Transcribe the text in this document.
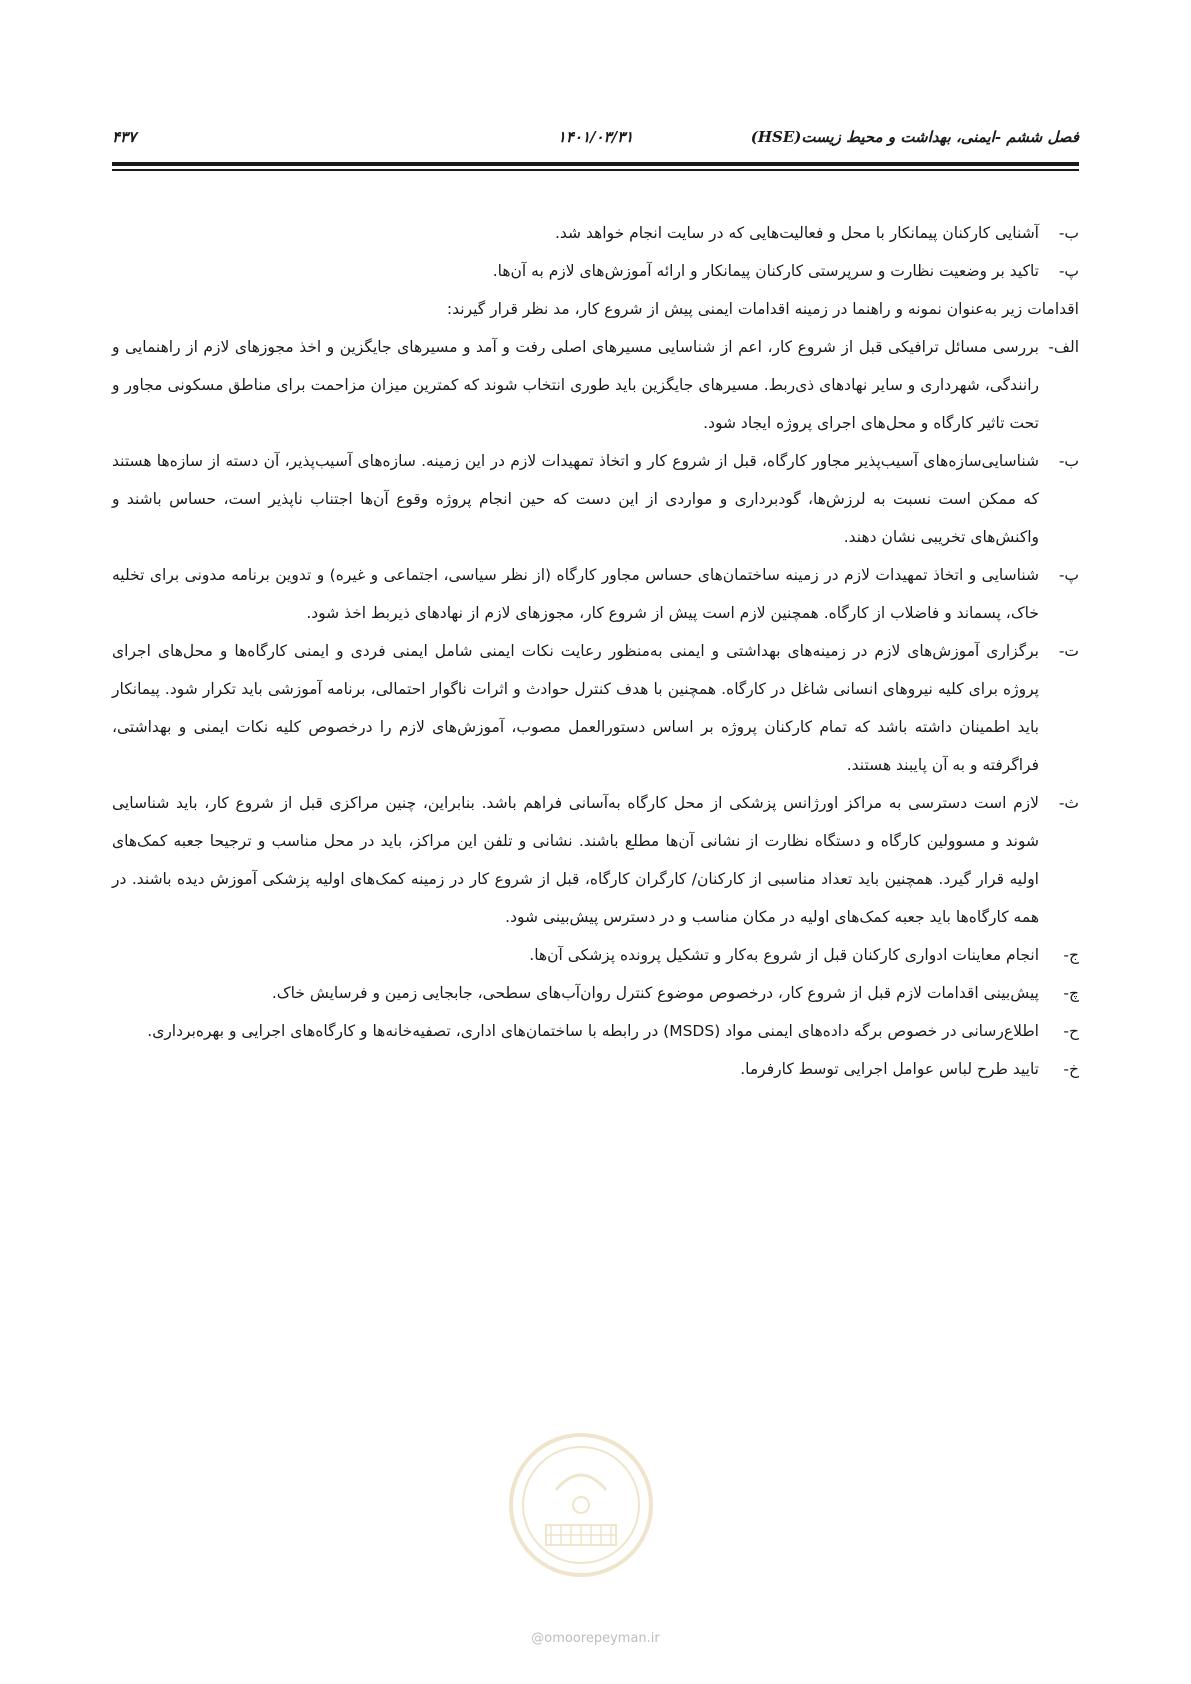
فصل ششم -ایمنی، بهداشت و محیط زیست(HSE)
۱۴۰۱/۰۳/۳۱
۴۳۷
ب-
آشنایی کارکنان پیمانکار با محل و فعالیت‌هایی که در سایت انجام خواهد شد.
پ-
تاکید بر وضعیت نظارت و سرپرستی کارکنان پیمانکار و ارائه آموزش‌های لازم به آن‌ها.

اقدامات زیر به‌عنوان نمونه و راهنما در زمینه اقدامات ایمنی پیش از شروع کار، مد نظر قرار گیرند:

الف-
بررسی مسائل ترافیکی قبل از شروع کار، اعم از شناسایی مسیرهای اصلی رفت و آمد و مسیرهای جایگزین و اخذ مجوزهای لازم از راهنمایی و رانندگی، شهرداری و سایر نهادهای ذی‌ربط. مسیرهای جایگزین باید طوری انتخاب شوند که کمترین میزان مزاحمت برای مناطق مسکونی مجاور و تحت تاثیر کارگاه و محل‌های اجرای پروژه ایجاد شود.
ب-
شناسایی‌سازه‌های آسیب‌پذیر مجاور کارگاه، قبل از شروع کار و اتخاذ تمهیدات لازم در این زمینه. سازه‌های آسیب‌پذیر، آن دسته از سازه‌ها هستند که ممکن است نسبت به لرزش‌ها، گودبرداری و مواردی از این دست که حین انجام پروژه وقوع آن‌ها اجتناب ناپذیر است، حساس باشند و واکنش‌های تخریبی نشان دهند.
پ-
شناسایی و اتخاذ تمهیدات لازم در زمینه ساختمان‌های حساس مجاور کارگاه (از نظر سیاسی، اجتماعی و غیره) و تدوین برنامه مدونی برای تخلیه خاک، پسماند و فاضلاب از کارگاه. همچنین لازم است پیش از شروع کار، مجوزهای لازم از نهادهای ذیربط اخذ شود.
ت-
برگزاری آموزش‌های لازم در زمینه‌های بهداشتی و ایمنی به‌منظور رعایت نکات ایمنی شامل ایمنی فردی و ایمنی کارگاه‌ها و محل‌های اجرای پروژه برای کلیه نیروهای انسانی شاغل در کارگاه. همچنین با هدف کنترل حوادث و اثرات ناگوار احتمالی، برنامه آموزشی باید تکرار شود. پیمانکار باید اطمینان داشته باشد که تمام کارکنان پروژه بر اساس دستورالعمل مصوب، آموزش‌های لازم را درخصوص کلیه نکات ایمنی و بهداشتی، فراگرفته و به آن پایبند هستند.
ث-
لازم است دسترسی به مراکز اورژانس پزشکی از محل کارگاه به‌آسانی فراهم باشد. بنابراین، چنین مراکزی قبل از شروع کار، باید شناسایی شوند و مسوولین کارگاه و دستگاه نظارت از نشانی آن‌ها مطلع باشند. نشانی و تلفن این مراکز، باید در محل مناسب و ترجیحا جعبه کمک‌های اولیه قرار گیرد. همچنین باید تعداد مناسبی از کارکنان/ کارگران کارگاه، قبل از شروع کار در زمینه کمک‌های اولیه پزشکی آموزش دیده باشند. در همه کارگاه‌ها باید جعبه کمک‌های اولیه در مکان مناسب و در دسترس پیش‌بینی شود.
ج-
انجام معاینات ادواری کارکنان قبل از شروع به‌کار و تشکیل پرونده پزشکی آن‌ها.
چ-
پیش‌بینی اقدامات لازم قبل از شروع کار، درخصوص موضوع کنترل روان‌آب‌های سطحی، جابجایی زمین و فرسایش خاک.
ح-
اطلاع‌رسانی در خصوص برگه داده‌های ایمنی مواد (MSDS) در رابطه با ساختمان‌های اداری، تصفیه‌خانه‌ها و کارگاه‌های اجرایی و بهره‌برداری.
خ-
تایید طرح لباس عوامل اجرایی توسط کارفرما.
@omoorepeyman.ir
